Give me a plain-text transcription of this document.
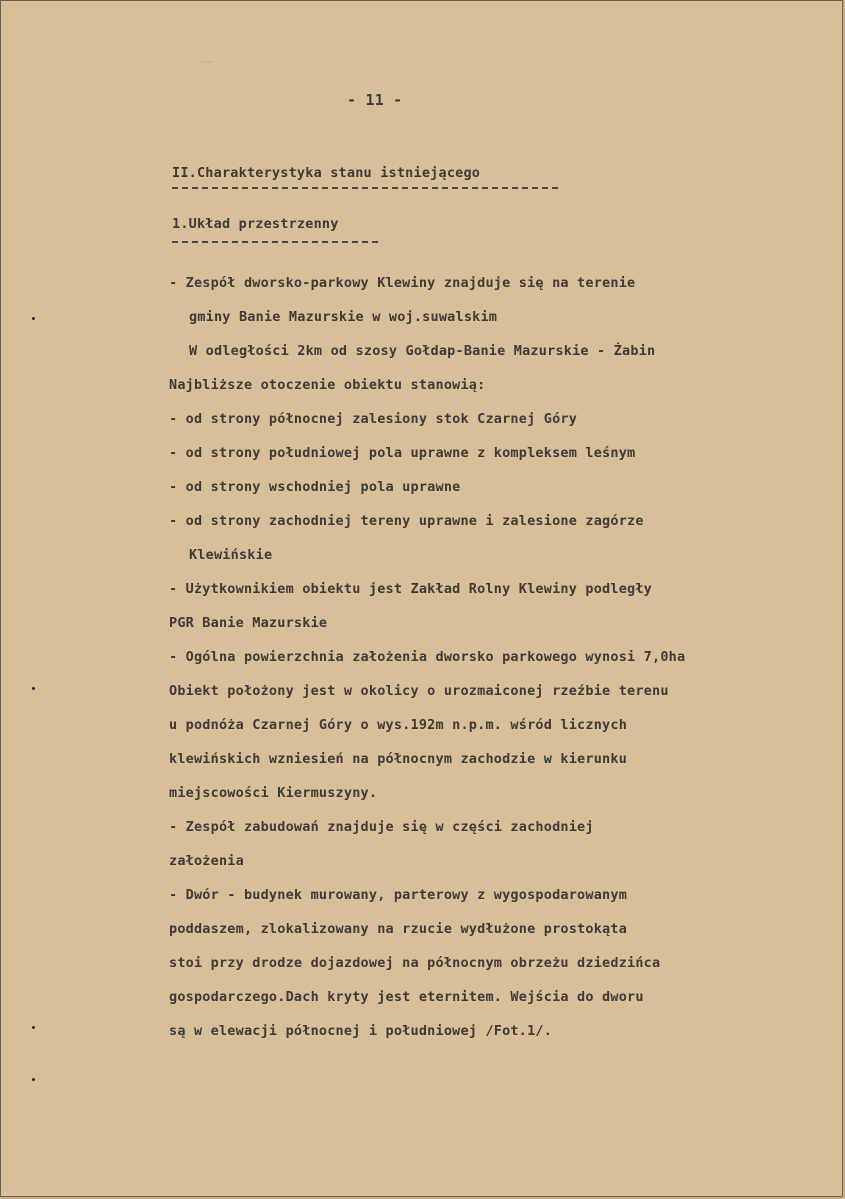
~~

- 11 -

II.Charakterystyka stanu istniejącego

1.Układ przestrzenny

- Zespół dworsko-parkowy Klewiny znajduje się na terenie

gminy Banie Mazurskie w woj.suwalskim

W odległości 2km od szosy Gołdap-Banie Mazurskie - Żabin

Najbliższe otoczenie obiektu stanowią:

- od strony północnej zalesiony stok Czarnej Góry

- od strony południowej pola uprawne z kompleksem leśnym

- od strony wschodniej pola uprawne

- od strony zachodniej tereny uprawne i zalesione zagórze

Klewińskie

- Użytkownikiem obiektu jest Zakład Rolny Klewiny podległy

PGR Banie Mazurskie

- Ogólna powierzchnia założenia dworsko parkowego wynosi 7,0ha

Obiekt położony jest w okolicy o urozmaiconej rzeźbie terenu

u podnóża Czarnej Góry o wys.192m n.p.m. wśród licznych

klewińskich wzniesień na północnym zachodzie w kierunku

miejscowości Kiermuszyny.

- Zespół zabudowań znajduje się w części zachodniej

założenia

- Dwór - budynek murowany, parterowy z wygospodarowanym

poddaszem, zlokalizowany na rzucie wydłużone prostokąta

stoi przy drodze dojazdowej na północnym obrzeżu dziedzińca

gospodarczego.Dach kryty jest eternitem. Wejścia do dworu

są w elewacji północnej i południowej /Fot.1/.
